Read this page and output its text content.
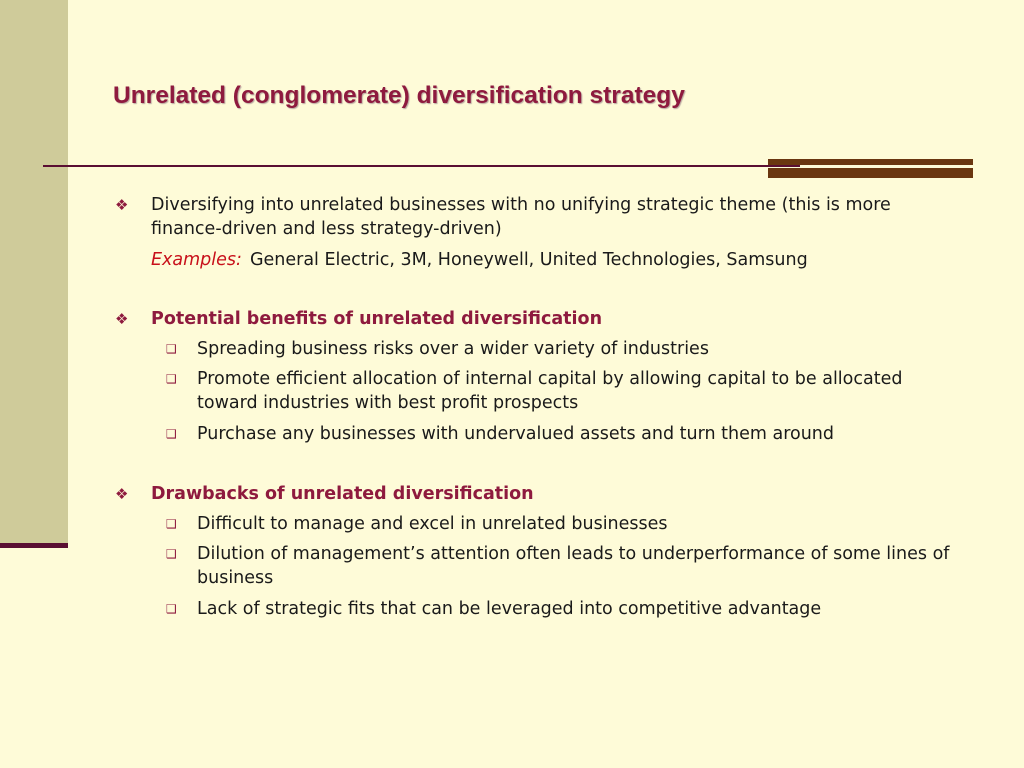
Unrelated (conglomerate) diversification strategy
❖ Diversifying into unrelated businesses with no unifying strategic theme (this is more finance-driven and less strategy-driven)
Examples: General Electric, 3M, Honeywell, United Technologies, Samsung
❖ Potential benefits of unrelated diversification
❑ Spreading business risks over a wider variety of industries
❑ Promote efficient allocation of internal capital by allowing capital to be allocated toward industries with best profit prospects
❑ Purchase any businesses with undervalued assets and turn them around
❖ Drawbacks of unrelated diversification
❑ Difficult to manage and excel in unrelated businesses
❑ Dilution of management’s attention often leads to underperformance of some lines of business
❑ Lack of strategic fits that can be leveraged into competitive advantage
